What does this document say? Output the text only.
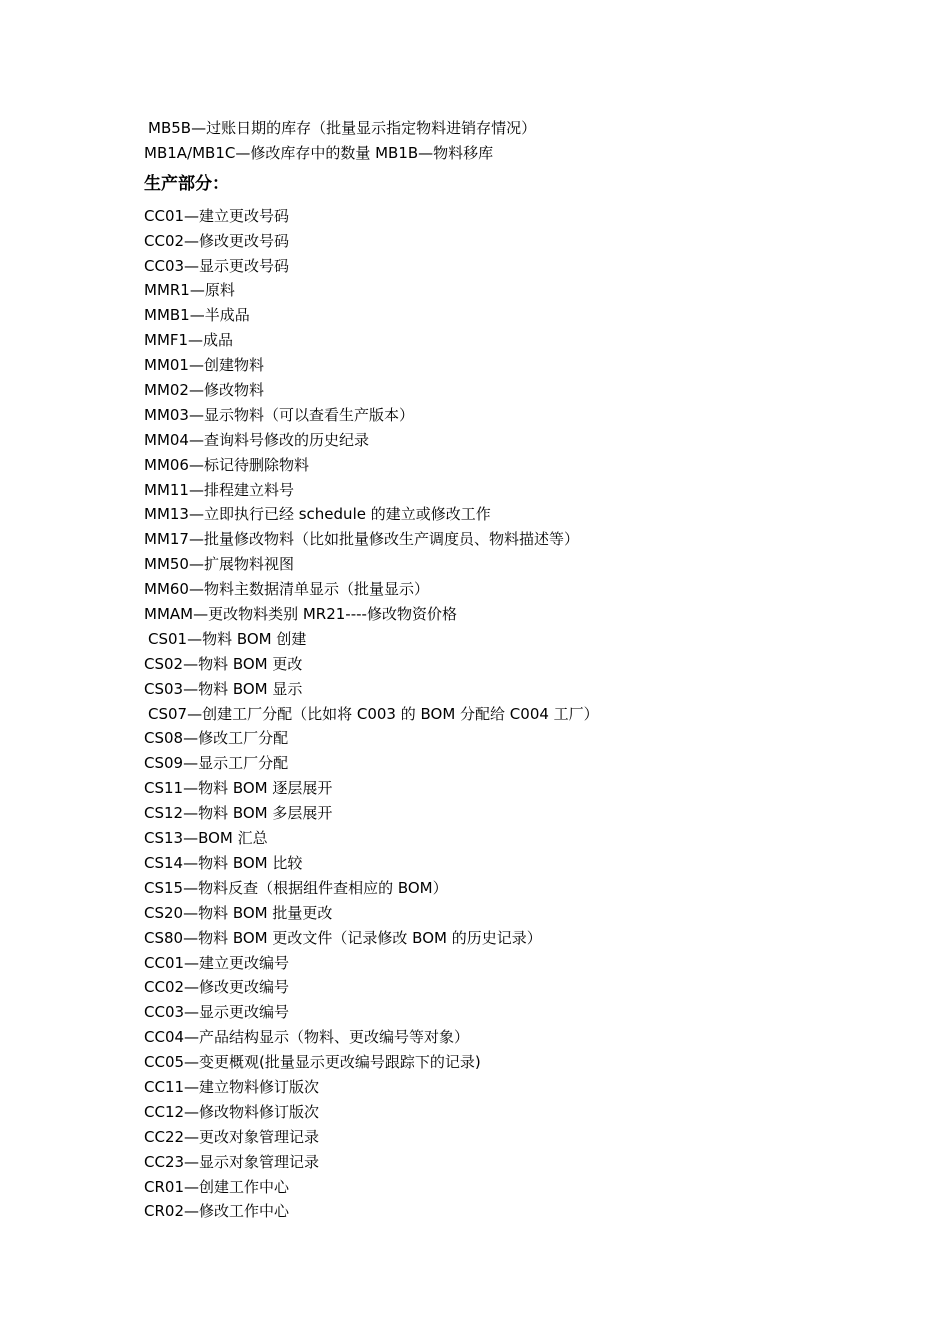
MB5B—过账日期的库存（批量显示指定物料进销存情况）
MB1A/MB1C—修改库存中的数量 MB1B—物料移库
生产部分：
CC01—建立更改号码
CC02—修改更改号码
CC03—显示更改号码
MMR1—原料
MMB1—半成品
MMF1—成品
MM01—创建物料
MM02—修改物料
MM03—显示物料（可以查看生产版本）
MM04—查询料号修改的历史纪录
MM06—标记待删除物料
MM11—排程建立料号
MM13—立即执行已经 schedule 的建立或修改工作
MM17—批量修改物料（比如批量修改生产调度员、物料描述等）
MM50—扩展物料视图
MM60—物料主数据清单显示（批量显示）
MMAM—更改物料类别 MR21----修改物资价格
CS01—物料 BOM 创建
CS02—物料 BOM 更改
CS03—物料 BOM 显示
CS07—创建工厂分配（比如将 C003 的 BOM 分配给 C004 工厂）
CS08—修改工厂分配
CS09—显示工厂分配
CS11—物料 BOM 逐层展开
CS12—物料 BOM 多层展开
CS13—BOM 汇总
CS14—物料 BOM 比较
CS15—物料反查（根据组件查相应的 BOM）
CS20—物料 BOM 批量更改
CS80—物料 BOM 更改文件（记录修改 BOM 的历史记录）
CC01—建立更改编号
CC02—修改更改编号
CC03—显示更改编号
CC04—产品结构显示（物料、更改编号等对象）
CC05—变更概观(批量显示更改编号跟踪下的记录)
CC11—建立物料修订版次
CC12—修改物料修订版次
CC22—更改对象管理记录
CC23—显示对象管理记录
CR01—创建工作中心
CR02—修改工作中心
